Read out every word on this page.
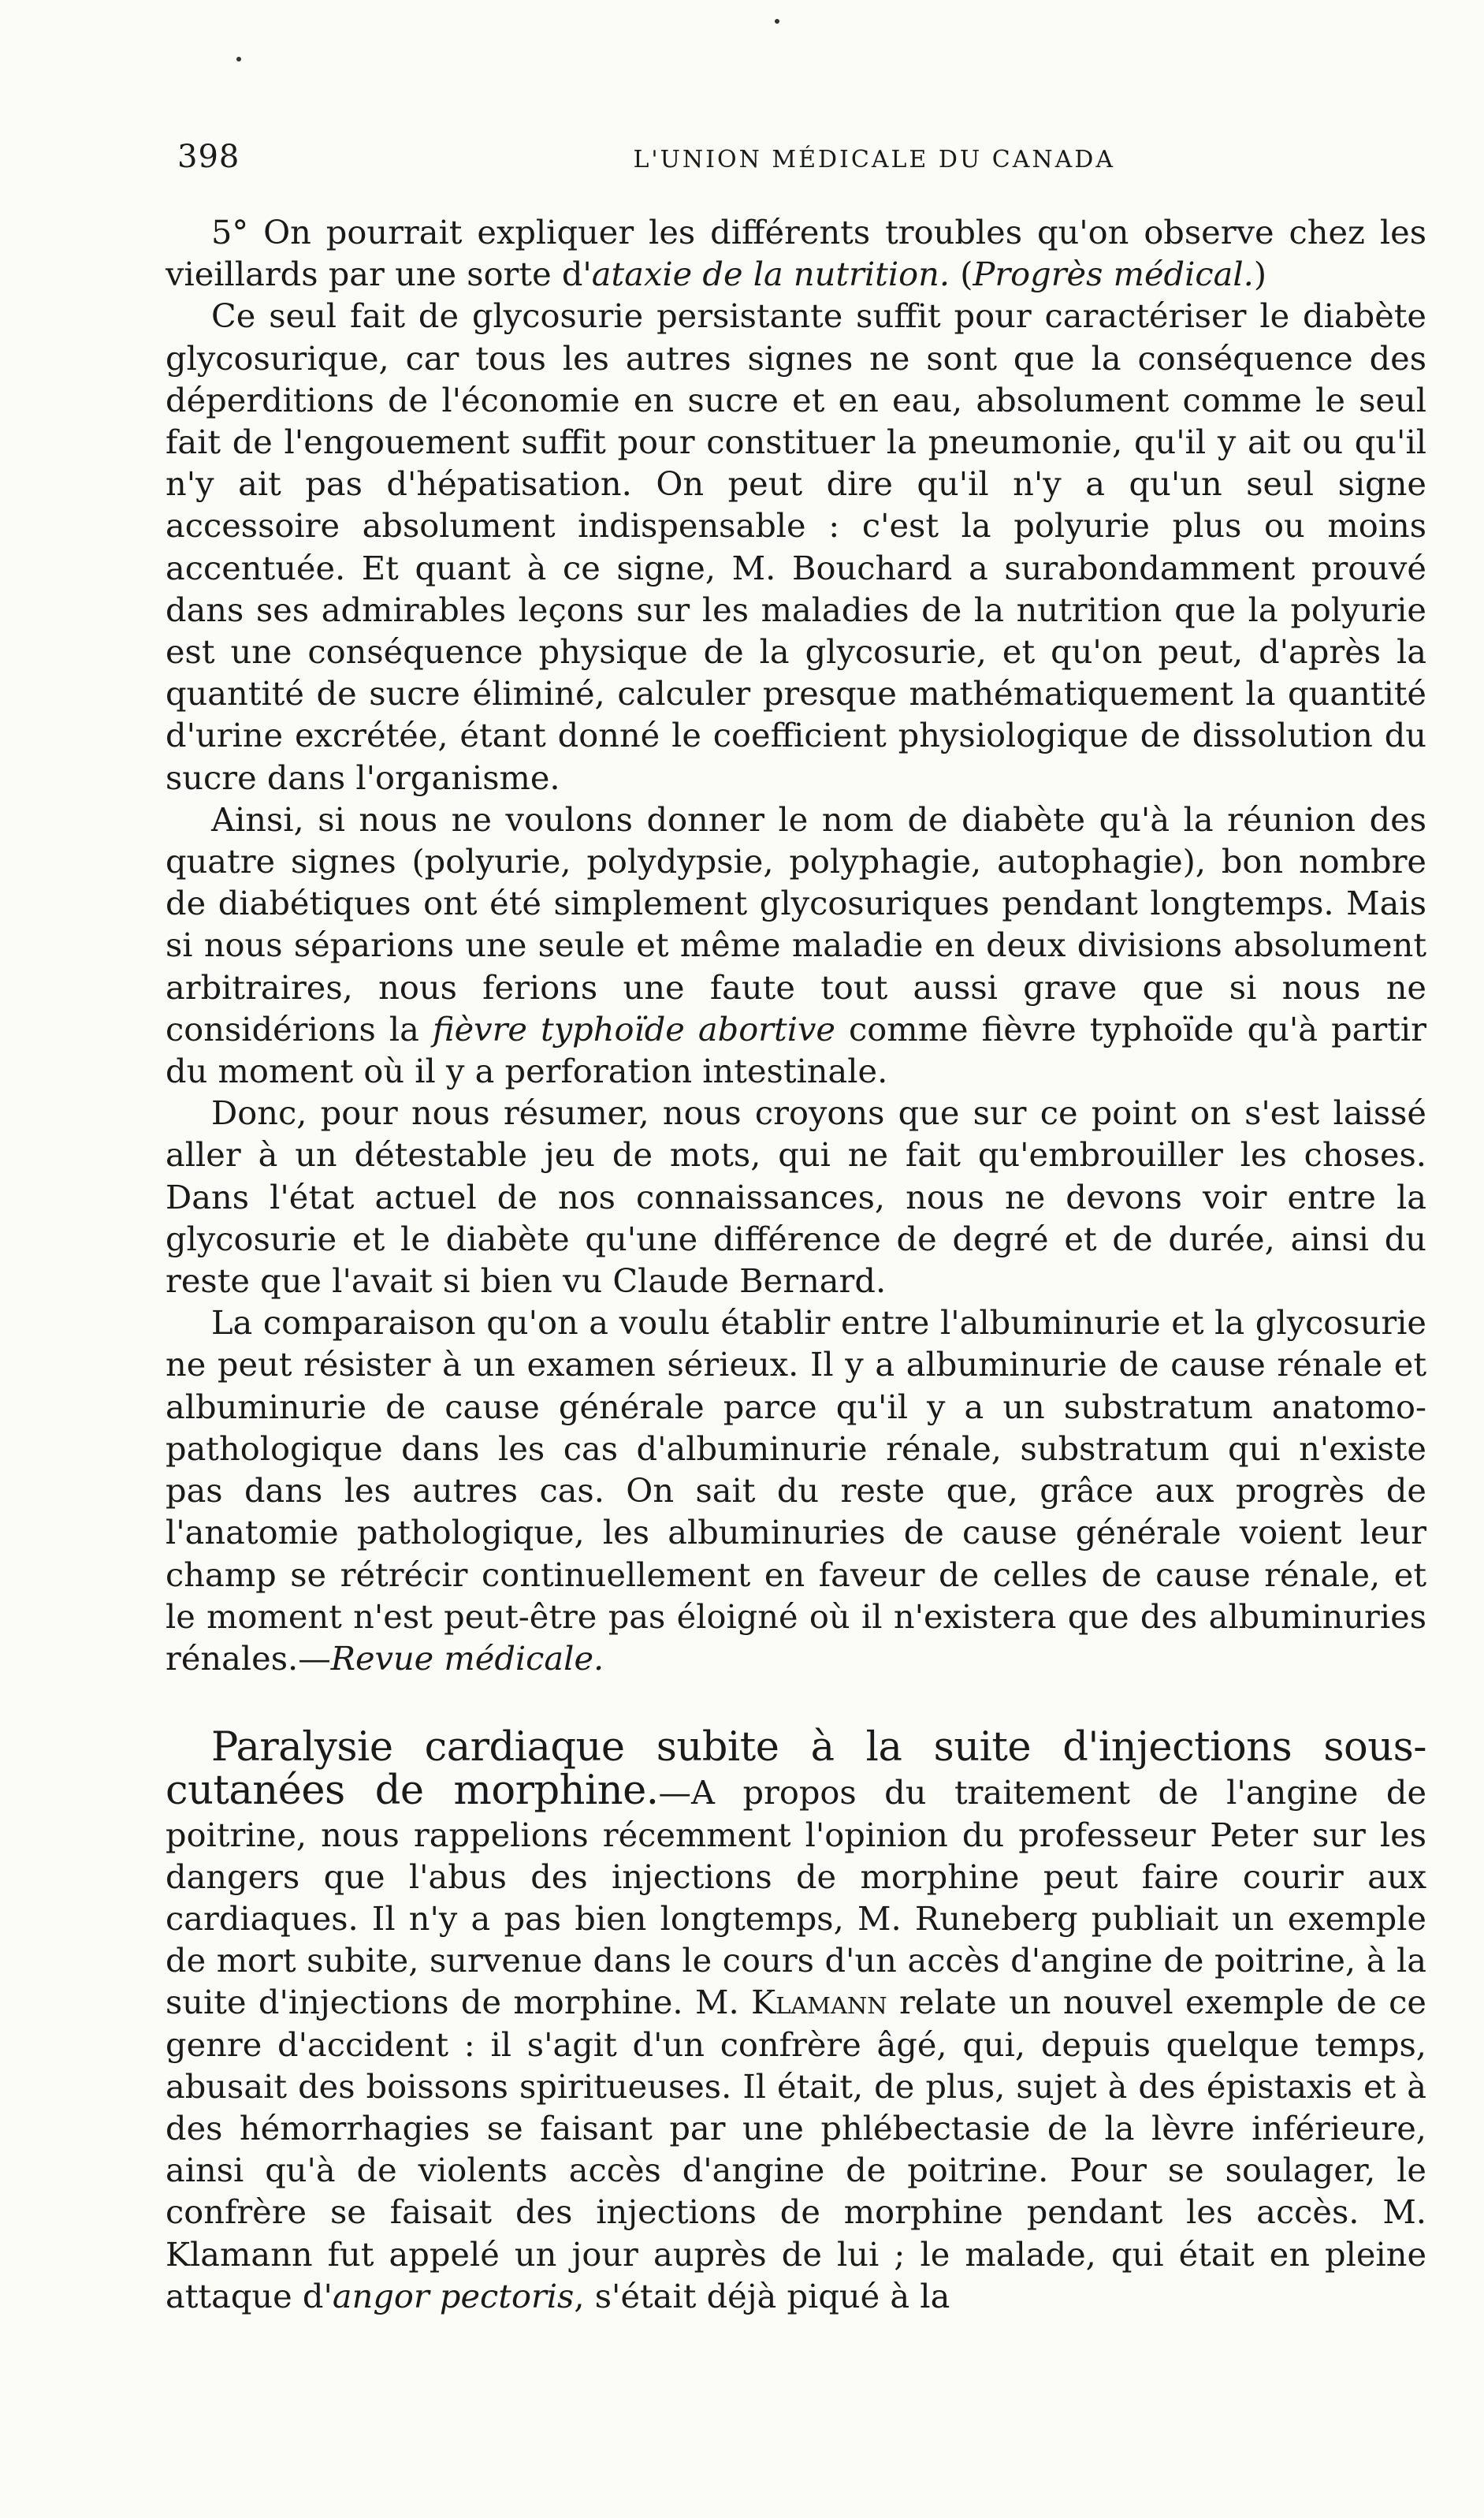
398	L'UNION MÉDICALE DU CANADA

5° On pourrait expliquer les différents troubles qu'on observe chez les vieillards par une sorte d'ataxie de la nutrition. (Progrès médical.)

Ce seul fait de glycosurie persistante suffit pour caractériser le diabète glycosurique, car tous les autres signes ne sont que la conséquence des déperditions de l'économie en sucre et en eau, absolument comme le seul fait de l'engouement suffit pour constituer la pneumonie, qu'il y ait ou qu'il n'y ait pas d'hépatisation. On peut dire qu'il n'y a qu'un seul signe accessoire absolument indispensable : c'est la polyurie plus ou moins accentuée. Et quant à ce signe, M. Bouchard a surabondamment prouvé dans ses admirables leçons sur les maladies de la nutrition que la polyurie est une conséquence physique de la glycosurie, et qu'on peut, d'après la quantité de sucre éliminé, calculer presque mathématiquement la quantité d'urine excrétée, étant donné le coefficient physiologique de dissolution du sucre dans l'organisme.

Ainsi, si nous ne voulons donner le nom de diabète qu'à la réunion des quatre signes (polyurie, polydypsie, polyphagie, autophagie), bon nombre de diabétiques ont été simplement glycosuriques pendant longtemps. Mais si nous séparions une seule et même maladie en deux divisions absolument arbitraires, nous ferions une faute tout aussi grave que si nous ne considérions la fièvre typhoïde abortive comme fièvre typhoïde qu'à partir du moment où il y a perforation intestinale.

Donc, pour nous résumer, nous croyons que sur ce point on s'est laissé aller à un détestable jeu de mots, qui ne fait qu'embrouiller les choses. Dans l'état actuel de nos connaissances, nous ne devons voir entre la glycosurie et le diabète qu'une différence de degré et de durée, ainsi du reste que l'avait si bien vu Claude Bernard.

La comparaison qu'on a voulu établir entre l'albuminurie et la glycosurie ne peut résister à un examen sérieux. Il y a albuminurie de cause rénale et albuminurie de cause générale parce qu'il y a un substratum anatomo-pathologique dans les cas d'albuminurie rénale, substratum qui n'existe pas dans les autres cas. On sait du reste que, grâce aux progrès de l'anatomie pathologique, les albuminuries de cause générale voient leur champ se rétrécir continuellement en faveur de celles de cause rénale, et le moment n'est peut-être pas éloigné où il n'existera que des albuminuries rénales.—Revue médicale.

Paralysie cardiaque subite à la suite d'injections sous-cutanées de morphine.—A propos du traitement de l'angine de poitrine, nous rappelions récemment l'opinion du professeur Peter sur les dangers que l'abus des injections de morphine peut faire courir aux cardiaques. Il n'y a pas bien longtemps, M. Runeberg publiait un exemple de mort subite, survenue dans le cours d'un accès d'angine de poitrine, à la suite d'injections de morphine. M. Klamann relate un nouvel exemple de ce genre d'accident : il s'agit d'un confrère âgé, qui, depuis quelque temps, abusait des boissons spiritueuses. Il était, de plus, sujet à des épistaxis et à des hémorrhagies se faisant par une phlébectasie de la lèvre inférieure, ainsi qu'à de violents accès d'angine de poitrine. Pour se soulager, le confrère se faisait des injections de morphine pendant les accès. M. Klamann fut appelé un jour auprès de lui ; le malade, qui était en pleine attaque d'angor pectoris, s'était déjà piqué à la
